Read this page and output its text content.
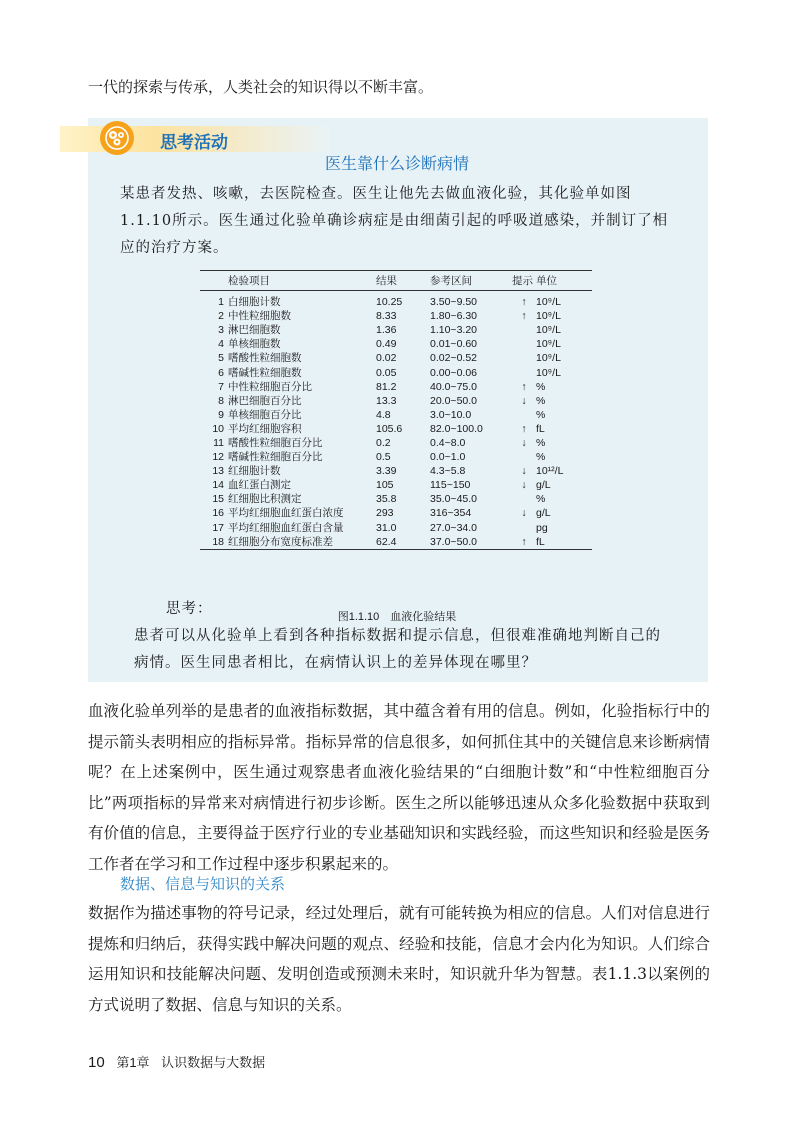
一代的探索与传承，人类社会的知识得以不断丰富。
思考活动
医生靠什么诊断病情
某患者发热、咳嗽，去医院检查。医生让他先去做血液化验，其化验单如图1.1.10所示。医生通过化验单确诊病症是由细菌引起的呼吸道感染，并制订了相应的治疗方案。
	检验项目	结果	参考区间	提示	单位
1	白细胞计数	10.25	3.50~9.50	↑	10⁹/L
2	中性粒细胞数	8.33	1.80~6.30	↑	10⁹/L
3	淋巴细胞数	1.36	1.10~3.20		10⁹/L
4	单核细胞数	0.49	0.01~0.60		10⁹/L
5	嗜酸性粒细胞数	0.02	0.02~0.52		10⁹/L
6	嗜碱性粒细胞数	0.05	0.00~0.06		10⁹/L
7	中性粒细胞百分比	81.2	40.0~75.0	↑	%
8	淋巴细胞百分比	13.3	20.0~50.0	↓	%
9	单核细胞百分比	4.8	3.0~10.0		%
10	平均红细胞容积	105.6	82.0~100.0	↑	fL
11	嗜酸性粒细胞百分比	0.2	0.4~8.0	↓	%
12	嗜碱性粒细胞百分比	0.5	0.0~1.0		%
13	红细胞计数	3.39	4.3~5.8	↓	10¹²/L
14	血红蛋白测定	105	115~150	↓	g/L
15	红细胞比积测定	35.8	35.0~45.0		%
16	平均红细胞血红蛋白浓度	293	316~354	↓	g/L
17	平均红细胞血红蛋白含量	31.0	27.0~34.0		pg
18	红细胞分布宽度标准差	62.4	37.0~50.0	↑	fL
图1.1.10　血液化验结果
思考：
患者可以从化验单上看到各种指标数据和提示信息，但很难准确地判断自己的病情。医生同患者相比，在病情认识上的差异体现在哪里？
血液化验单列举的是患者的血液指标数据，其中蕴含着有用的信息。例如，化验指标行中的提示箭头表明相应的指标异常。指标异常的信息很多，如何抓住其中的关键信息来诊断病情呢？在上述案例中，医生通过观察患者血液化验结果的“白细胞计数”和“中性粒细胞百分比”两项指标的异常来对病情进行初步诊断。医生之所以能够迅速从众多化验数据中获取到有价值的信息，主要得益于医疗行业的专业基础知识和实践经验，而这些知识和经验是医务工作者在学习和工作过程中逐步积累起来的。
数据、信息与知识的关系
数据作为描述事物的符号记录，经过处理后，就有可能转换为相应的信息。人们对信息进行提炼和归纳后，获得实践中解决问题的观点、经验和技能，信息才会内化为知识。人们综合运用知识和技能解决问题、发明创造或预测未来时，知识就升华为智慧。表1.1.3以案例的方式说明了数据、信息与知识的关系。
10 第1章 认识数据与大数据
